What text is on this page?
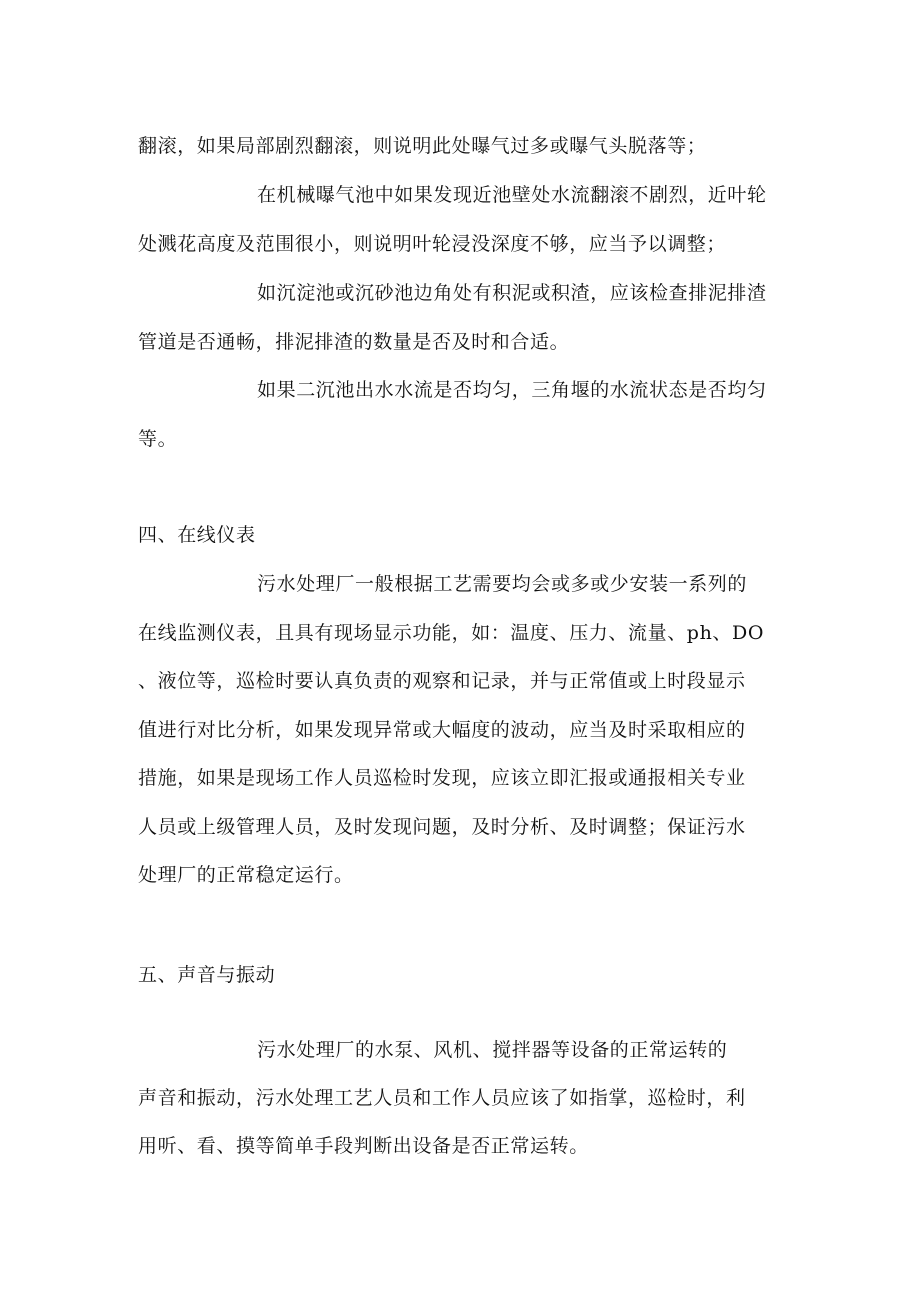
翻滚，如果局部剧烈翻滚，则说明此处曝气过多或曝气头脱落等；
在机械曝气池中如果发现近池壁处水流翻滚不剧烈，近叶轮
处溅花高度及范围很小，则说明叶轮浸没深度不够，应当予以调整；
如沉淀池或沉砂池边角处有积泥或积渣，应该检查排泥排渣
管道是否通畅，排泥排渣的数量是否及时和合适。
如果二沉池出水水流是否均匀，三角堰的水流状态是否均匀
等。
四、在线仪表
污水处理厂一般根据工艺需要均会或多或少安装一系列的
在线监测仪表，且具有现场显示功能，如：温度、压力、流量、ph、DO
、液位等，巡检时要认真负责的观察和记录，并与正常值或上时段显示
值进行对比分析，如果发现异常或大幅度的波动，应当及时采取相应的
措施，如果是现场工作人员巡检时发现，应该立即汇报或通报相关专业
人员或上级管理人员，及时发现问题，及时分析、及时调整；保证污水
处理厂的正常稳定运行。
五、声音与振动
污水处理厂的水泵、风机、搅拌器等设备的正常运转的
声音和振动，污水处理工艺人员和工作人员应该了如指掌，巡检时，利
用听、看、摸等简单手段判断出设备是否正常运转。
